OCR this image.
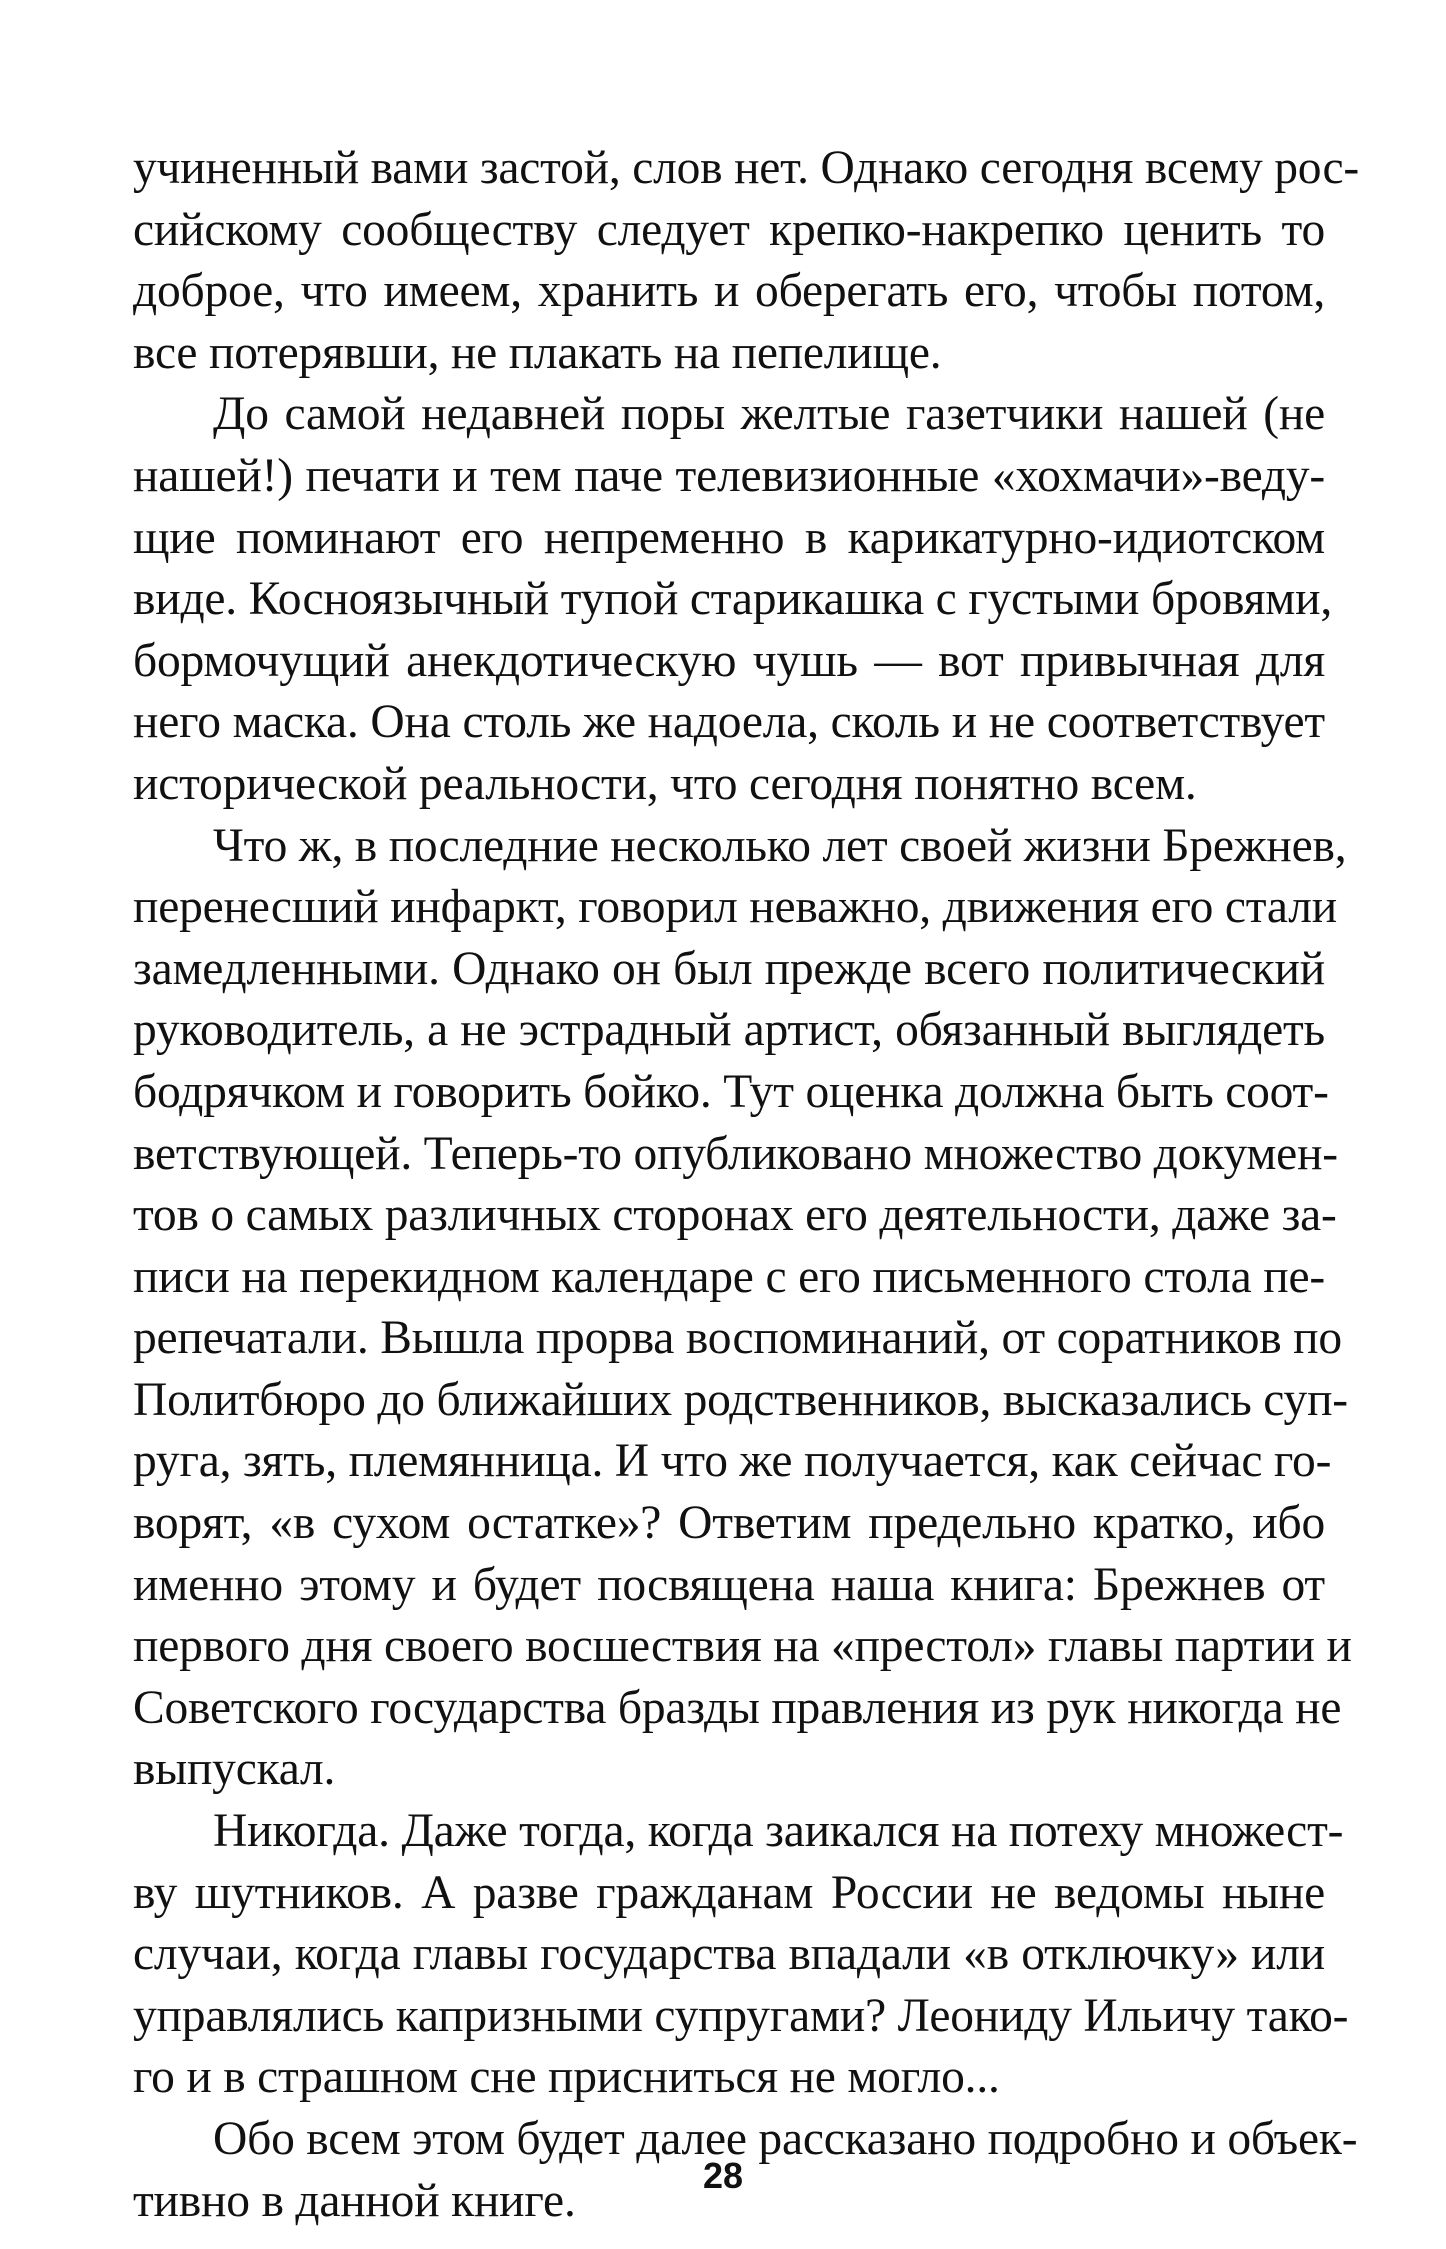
учиненный вами застой, слов нет. Однако сегодня всему рос-
сийскому сообществу следует крепко-накрепко ценить то
доброе, что имеем, хранить и оберегать его, чтобы потом,
все потерявши, не плакать на пепелище.
До самой недавней поры желтые газетчики нашей (не
нашей!) печати и тем паче телевизионные «хохмачи»-веду-
щие поминают его непременно в карикатурно-идиотском
виде. Косноязычный тупой старикашка с густыми бровями,
бормочущий анекдотическую чушь — вот привычная для
него маска. Она столь же надоела, сколь и не соответствует
исторической реальности, что сегодня понятно всем.
Что ж, в последние несколько лет своей жизни Брежнев,
перенесший инфаркт, говорил неважно, движения его стали
замедленными. Однако он был прежде всего политический
руководитель, а не эстрадный артист, обязанный выглядеть
бодрячком и говорить бойко. Тут оценка должна быть соот-
ветствующей. Теперь-то опубликовано множество докумен-
тов о самых различных сторонах его деятельности, даже за-
писи на перекидном календаре с его письменного стола пе-
репечатали. Вышла прорва воспоминаний, от соратников по
Политбюро до ближайших родственников, высказались суп-
руга, зять, племянница. И что же получается, как сейчас го-
ворят, «в сухом остатке»? Ответим предельно кратко, ибо
именно этому и будет посвящена наша книга: Брежнев от
первого дня своего восшествия на «престол» главы партии и
Советского государства бразды правления из рук никогда не
выпускал.
Никогда. Даже тогда, когда заикался на потеху множест-
ву шутников. А разве гражданам России не ведомы ныне
случаи, когда главы государства впадали «в отключку» или
управлялись капризными супругами? Леониду Ильичу тако-
го и в страшном сне присниться не могло...
Обо всем этом будет далее рассказано подробно и объек-
тивно в данной книге.	28
